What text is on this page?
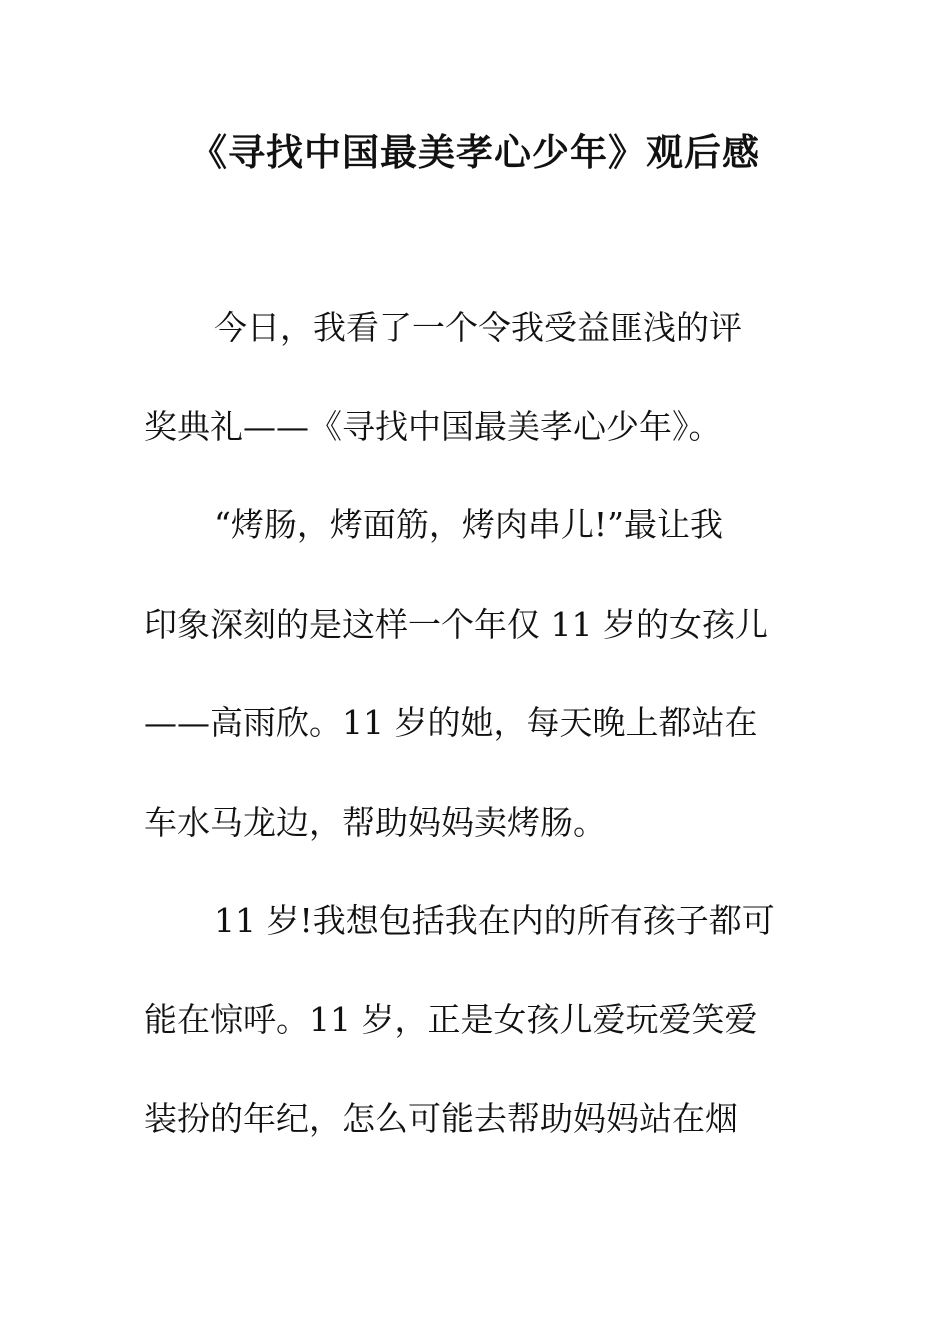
《寻找中国最美孝心少年》观后感

今日，我看了一个令我受益匪浅的评

奖典礼——《寻找中国最美孝心少年》。

“烤肠，烤面筋，烤肉串儿!”最让我

印象深刻的是这样一个年仅 11 岁的女孩儿

——高雨欣。11 岁的她，每天晚上都站在

车水马龙边，帮助妈妈卖烤肠。

11 岁!我想包括我在内的所有孩子都可

能在惊呼。11 岁，正是女孩儿爱玩爱笑爱

装扮的年纪，怎么可能去帮助妈妈站在烟
